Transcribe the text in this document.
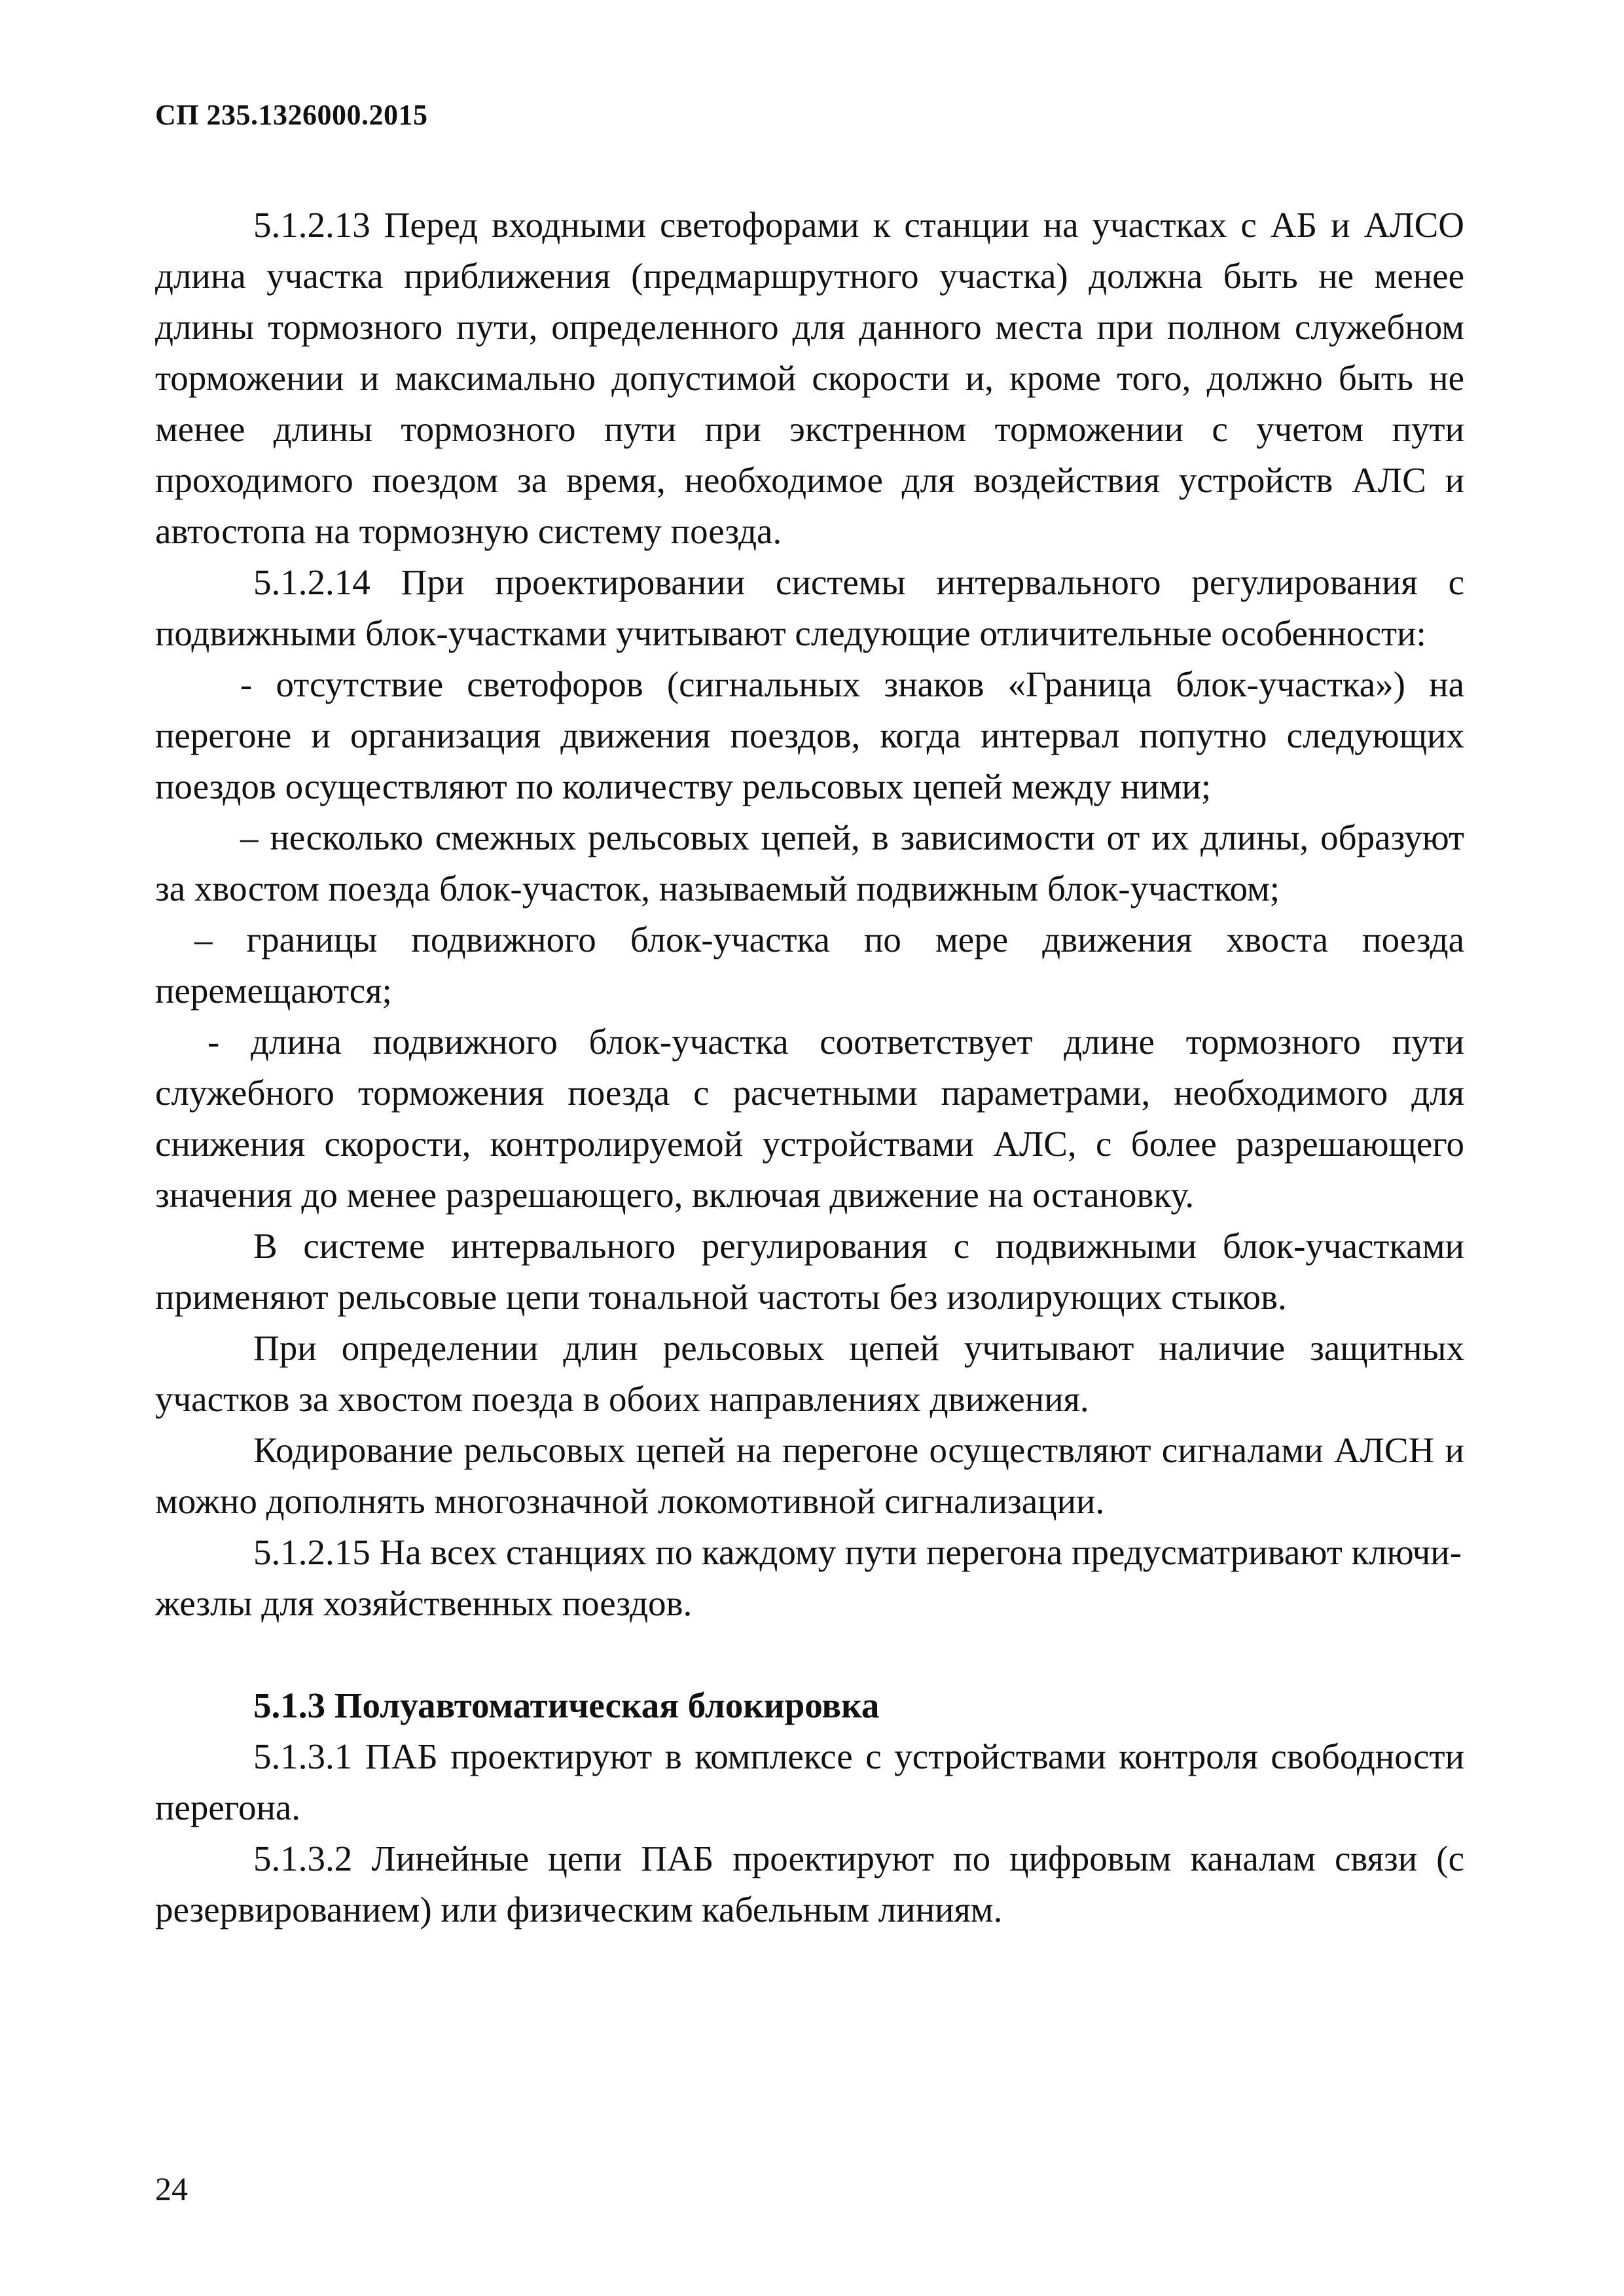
СП 235.1326000.2015

5.1.2.13 Перед входными светофорами к станции на участках с АБ и АЛСО длина участка приближения (предмаршрутного участка) должна быть не менее длины тормозного пути, определенного для данного места при полном служебном торможении и максимально допустимой скорости и, кроме того, должно быть не менее длины тормозного пути при экстренном торможении с учетом пути проходимого поездом за время, необходимое для воздействия устройств АЛС и автостопа на тормозную систему поезда.

5.1.2.14 При проектировании системы интервального регулирования с подвижными блок-участками учитывают следующие отличительные особенности:

- отсутствие светофоров (сигнальных знаков «Граница блок-участка») на перегоне и организация движения поездов, когда интервал попутно следующих поездов осуществляют по количеству рельсовых цепей между ними;

– несколько смежных рельсовых цепей, в зависимости от их длины, образуют за хвостом поезда блок-участок, называемый подвижным блок-участком;

– границы подвижного блок-участка по мере движения хвоста поезда перемещаются;

- длина подвижного блок-участка соответствует длине тормозного пути служебного торможения поезда с расчетными параметрами, необходимого для снижения скорости, контролируемой устройствами АЛС, с более разрешающего значения до менее разрешающего, включая движение на остановку.

В системе интервального регулирования с подвижными блок-участками применяют рельсовые цепи тональной частоты без изолирующих стыков.

При определении длин рельсовых цепей учитывают наличие защитных участков за хвостом поезда в обоих направлениях движения.

Кодирование рельсовых цепей на перегоне осуществляют сигналами АЛСН и можно дополнять многозначной локомотивной сигнализации.

5.1.2.15 На всех станциях по каждому пути перегона предусматривают ключи-жезлы для хозяйственных поездов.

5.1.3 Полуавтоматическая блокировка

5.1.3.1 ПАБ проектируют в комплексе с устройствами контроля свободности перегона.

5.1.3.2 Линейные цепи ПАБ проектируют по цифровым каналам связи (с резервированием) или физическим кабельным линиям.

24
